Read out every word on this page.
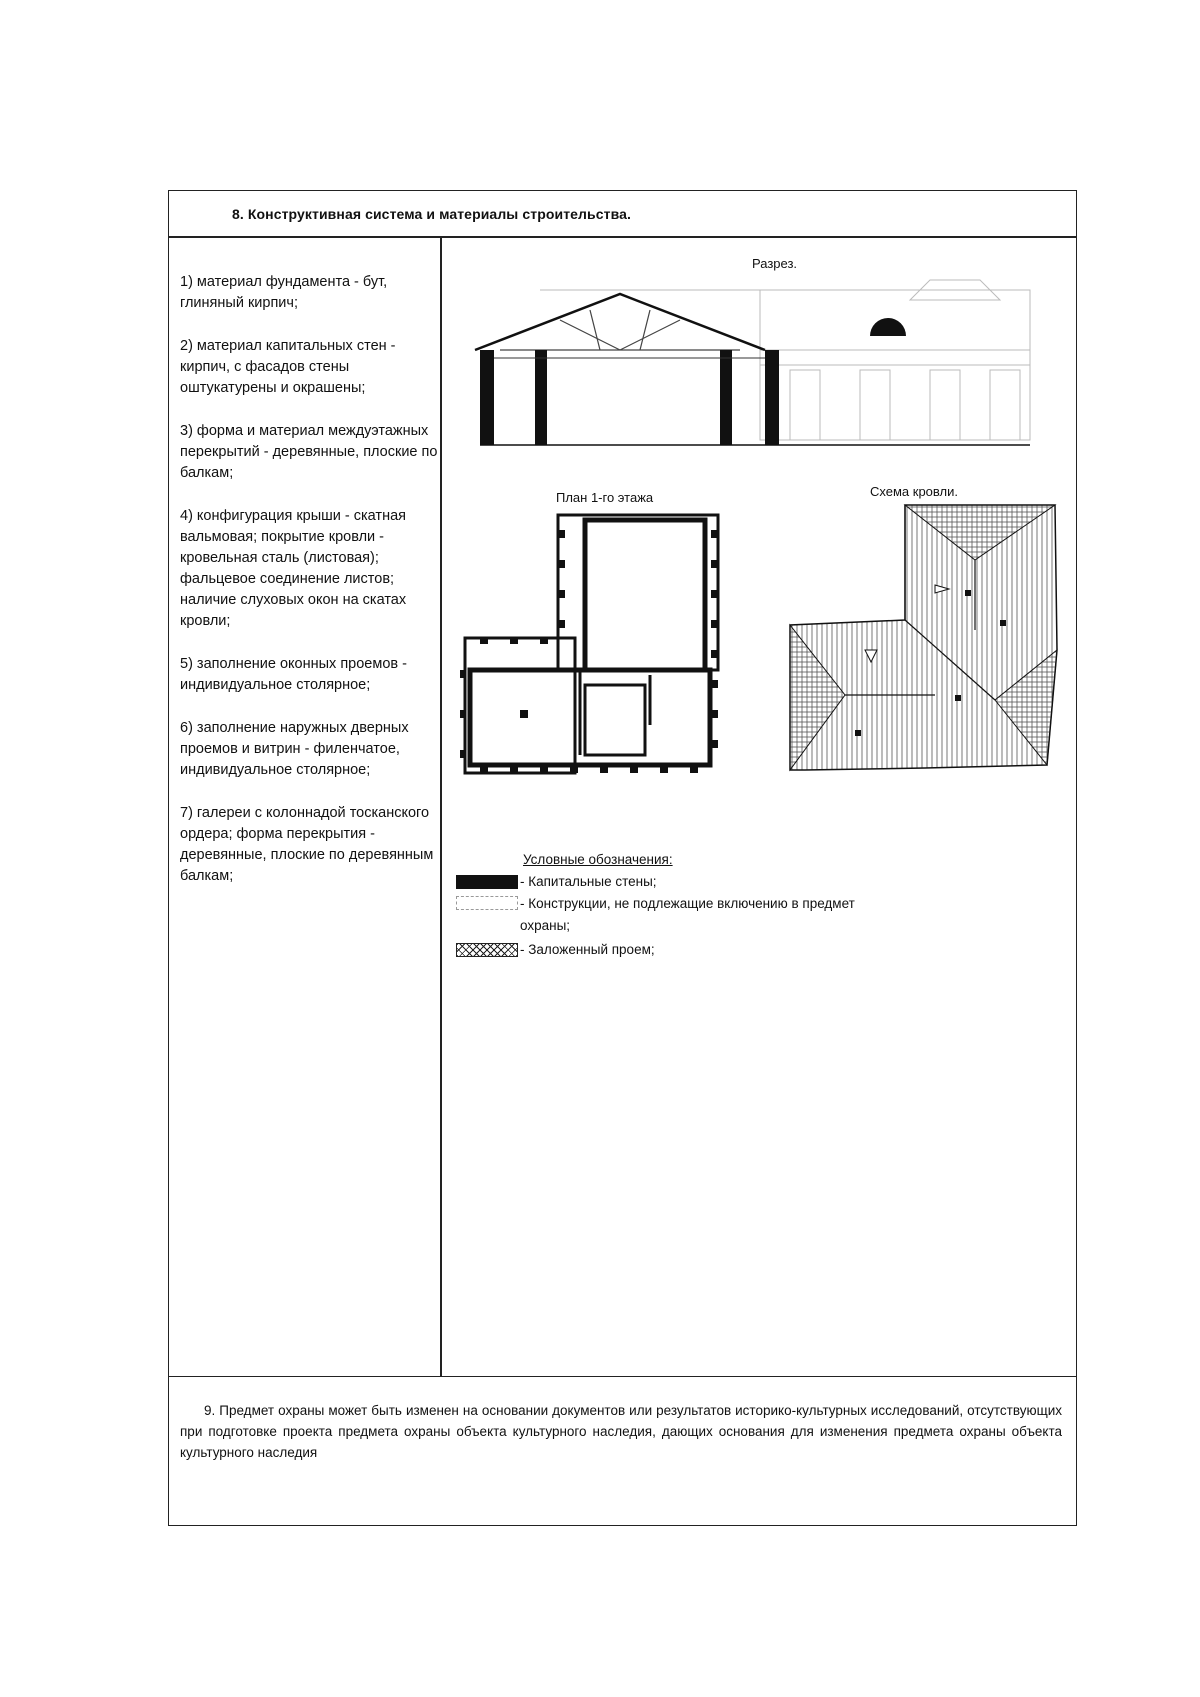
8. Конструктивная система и материалы строительства.

1) материал фундамента - бут, глиняный кирпич;

2) материал капитальных стен - кирпич, с фасадов стены оштукатурены и окрашены;

3) форма и материал междуэтажных перекрытий - деревянные, плоские по балкам;

4) конфигурация крыши - скатная вальмовая; покрытие кровли - кровельная сталь (листовая); фальцевое соединение листов; наличие слуховых окон на скатах кровли;

5) заполнение оконных проемов - индивидуальное столярное;

6) заполнение наружных дверных проемов и витрин - филенчатое, индивидуальное столярное;

7) галереи с колоннадой тосканского ордера; форма перекрытия - деревянные, плоские по деревянным балкам;

Разрез.
План 1-го этажа	Схема кровли.
Условные обозначения:
- Капитальные стены;
- Конструкции, не подлежащие включению в предмет охраны;
- Заложенный проем;
9. Предмет охраны может быть изменен на основании документов или результатов историко-культурных исследований, отсутствующих при подготовке проекта предмета охраны объекта культурного наследия, дающих основания для изменения предмета охраны объекта культурного наследия
